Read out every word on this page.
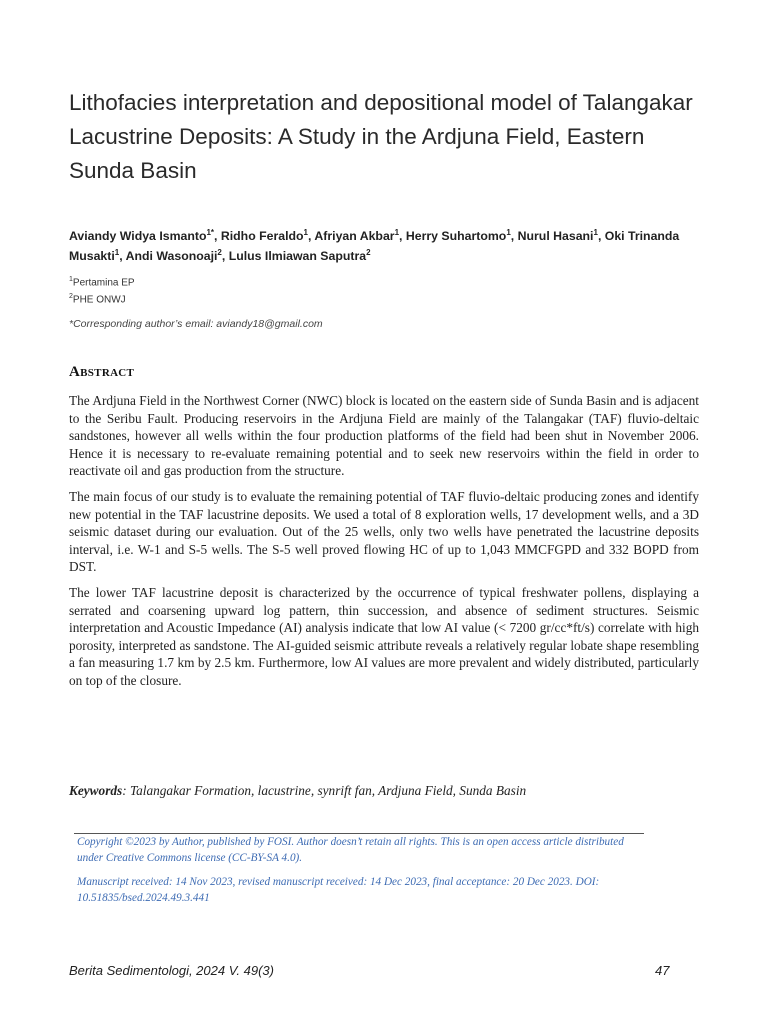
Lithofacies interpretation and depositional model of Talangakar Lacustrine Deposits: A Study in the Ardjuna Field, Eastern Sunda Basin

Aviandy Widya Ismanto$^{1*}$, Ridho Feraldo$^1$, Afriyan Akbar$^1$, Herry Suhartomo$^1$, Nurul Hasani$^1$, Oki Trinanda Musakti$^1$, Andi Wasonoaji$^2$, Lulus Ilmiawan Saputra$^2$

$^1$Pertamina EP

$^2$PHE ONWJ

*Corresponding author’s email: aviandy18@gmail.com

Abstract

The Ardjuna Field in the Northwest Corner (NWC) block is located on the eastern side of Sunda Basin and is adjacent to the Seribu Fault. Producing reservoirs in the Ardjuna Field are mainly of the Talangakar (TAF) fluvio-deltaic sandstones, however all wells within the four production platforms of the field had been shut in November 2006. Hence it is necessary to re-evaluate remaining potential and to seek new reservoirs within the field in order to reactivate oil and gas production from the structure.

The main focus of our study is to evaluate the remaining potential of TAF fluvio-deltaic producing zones and identify new potential in the TAF lacustrine deposits. We used a total of 8 exploration wells, 17 development wells, and a 3D seismic dataset during our evaluation. Out of the 25 wells, only two wells have penetrated the lacustrine deposits interval, i.e. W-1 and S-5 wells. The S-5 well proved flowing HC of up to 1,043 MMCFGPD and 332 BOPD from DST.

The lower TAF lacustrine deposit is characterized by the occurrence of typical freshwater pollens, displaying a serrated and coarsening upward log pattern, thin succession, and absence of sediment structures. Seismic interpretation and Acoustic Impedance (AI) analysis indicate that low AI value (< 7200 gr/cc*ft/s) correlate with high porosity, interpreted as sandstone. The AI-guided seismic attribute reveals a relatively regular lobate shape resembling a fan measuring 1.7 km by 2.5 km. Furthermore, low AI values are more prevalent and widely distributed, particularly on top of the closure.

Keywords: Talangakar Formation, lacustrine, synrift fan, Ardjuna Field, Sunda Basin

Copyright ©2023 by Author, published by FOSI. Author doesn’t retain all rights. This is an open access article distributed under Creative Commons license (CC-BY-SA 4.0).

Manuscript received: 14 Nov 2023, revised manuscript received: 14 Dec 2023, final acceptance: 20 Dec 2023. DOI: 10.51835/bsed.2024.49.3.441

Berita Sedimentologi, 2024 V. 49(3)	47
